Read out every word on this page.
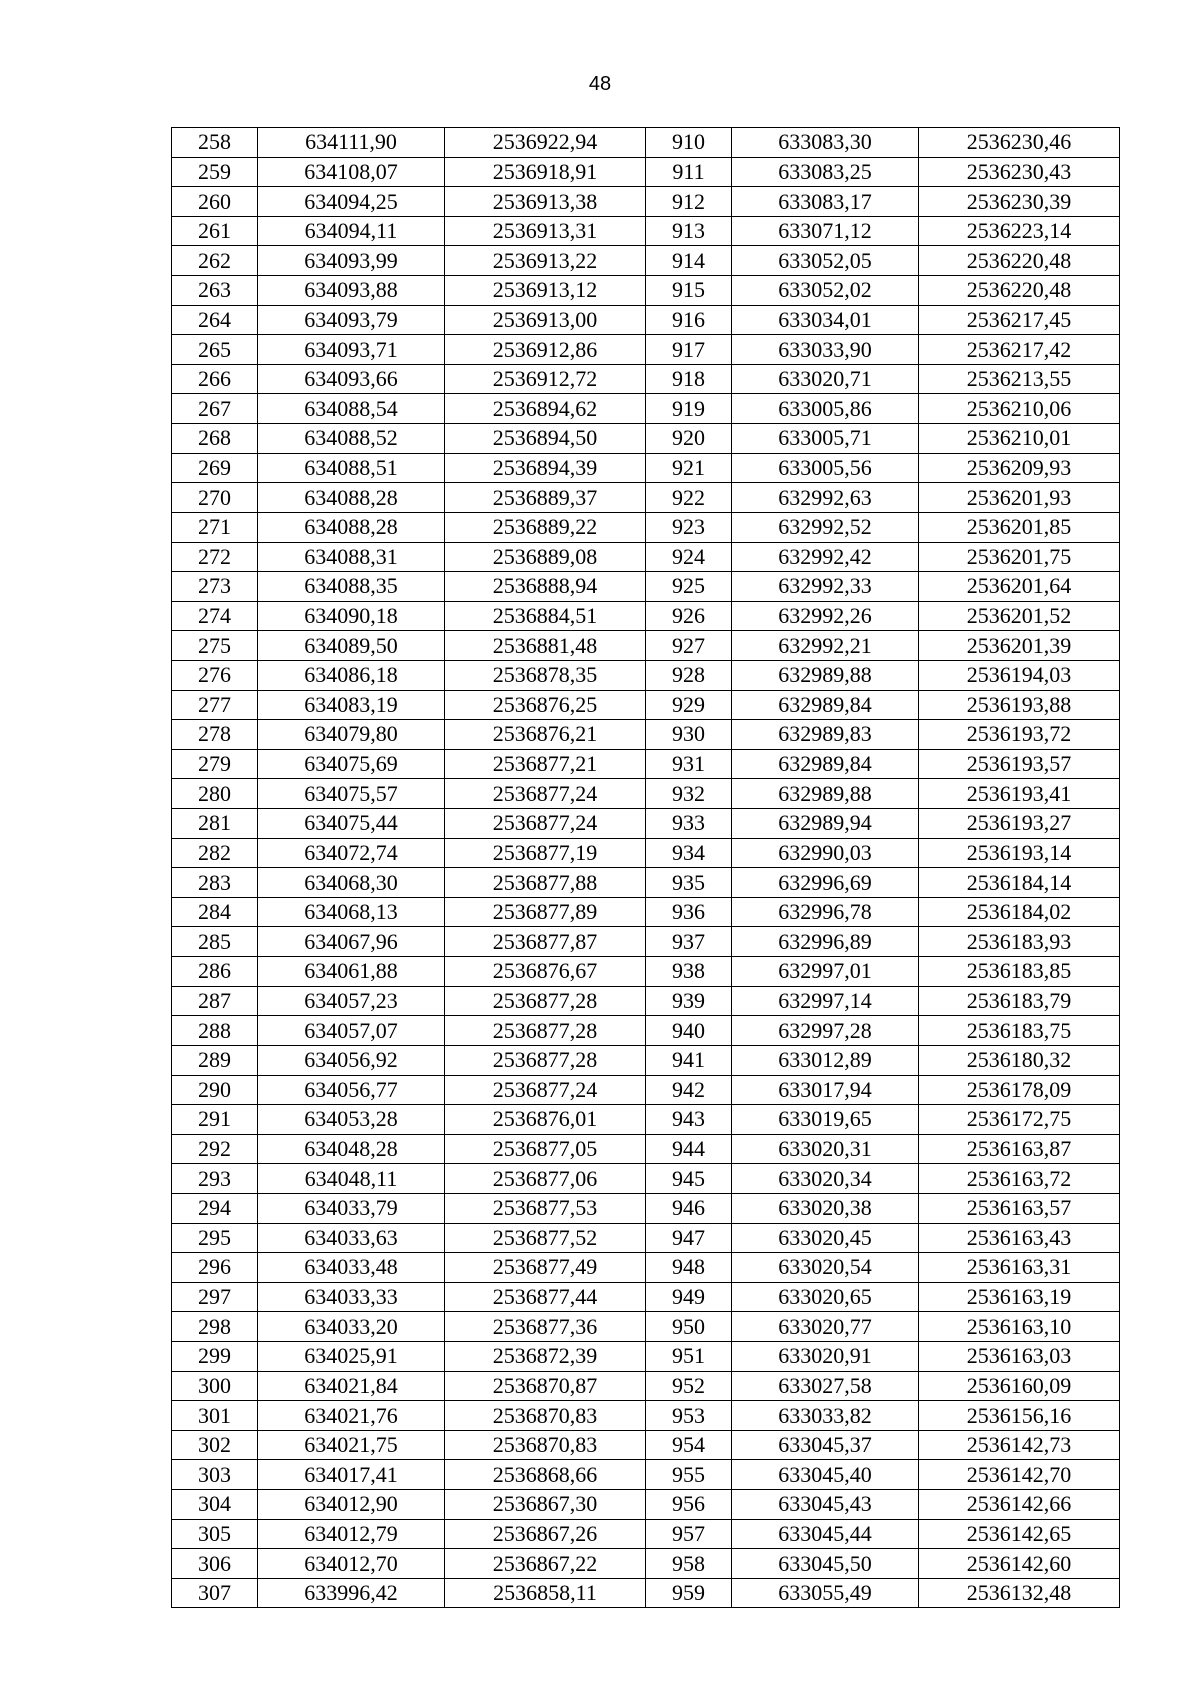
48
258	634111,90	2536922,94	910	633083,30	2536230,46
259	634108,07	2536918,91	911	633083,25	2536230,43
260	634094,25	2536913,38	912	633083,17	2536230,39
261	634094,11	2536913,31	913	633071,12	2536223,14
262	634093,99	2536913,22	914	633052,05	2536220,48
263	634093,88	2536913,12	915	633052,02	2536220,48
264	634093,79	2536913,00	916	633034,01	2536217,45
265	634093,71	2536912,86	917	633033,90	2536217,42
266	634093,66	2536912,72	918	633020,71	2536213,55
267	634088,54	2536894,62	919	633005,86	2536210,06
268	634088,52	2536894,50	920	633005,71	2536210,01
269	634088,51	2536894,39	921	633005,56	2536209,93
270	634088,28	2536889,37	922	632992,63	2536201,93
271	634088,28	2536889,22	923	632992,52	2536201,85
272	634088,31	2536889,08	924	632992,42	2536201,75
273	634088,35	2536888,94	925	632992,33	2536201,64
274	634090,18	2536884,51	926	632992,26	2536201,52
275	634089,50	2536881,48	927	632992,21	2536201,39
276	634086,18	2536878,35	928	632989,88	2536194,03
277	634083,19	2536876,25	929	632989,84	2536193,88
278	634079,80	2536876,21	930	632989,83	2536193,72
279	634075,69	2536877,21	931	632989,84	2536193,57
280	634075,57	2536877,24	932	632989,88	2536193,41
281	634075,44	2536877,24	933	632989,94	2536193,27
282	634072,74	2536877,19	934	632990,03	2536193,14
283	634068,30	2536877,88	935	632996,69	2536184,14
284	634068,13	2536877,89	936	632996,78	2536184,02
285	634067,96	2536877,87	937	632996,89	2536183,93
286	634061,88	2536876,67	938	632997,01	2536183,85
287	634057,23	2536877,28	939	632997,14	2536183,79
288	634057,07	2536877,28	940	632997,28	2536183,75
289	634056,92	2536877,28	941	633012,89	2536180,32
290	634056,77	2536877,24	942	633017,94	2536178,09
291	634053,28	2536876,01	943	633019,65	2536172,75
292	634048,28	2536877,05	944	633020,31	2536163,87
293	634048,11	2536877,06	945	633020,34	2536163,72
294	634033,79	2536877,53	946	633020,38	2536163,57
295	634033,63	2536877,52	947	633020,45	2536163,43
296	634033,48	2536877,49	948	633020,54	2536163,31
297	634033,33	2536877,44	949	633020,65	2536163,19
298	634033,20	2536877,36	950	633020,77	2536163,10
299	634025,91	2536872,39	951	633020,91	2536163,03
300	634021,84	2536870,87	952	633027,58	2536160,09
301	634021,76	2536870,83	953	633033,82	2536156,16
302	634021,75	2536870,83	954	633045,37	2536142,73
303	634017,41	2536868,66	955	633045,40	2536142,70
304	634012,90	2536867,30	956	633045,43	2536142,66
305	634012,79	2536867,26	957	633045,44	2536142,65
306	634012,70	2536867,22	958	633045,50	2536142,60
307	633996,42	2536858,11	959	633055,49	2536132,48
